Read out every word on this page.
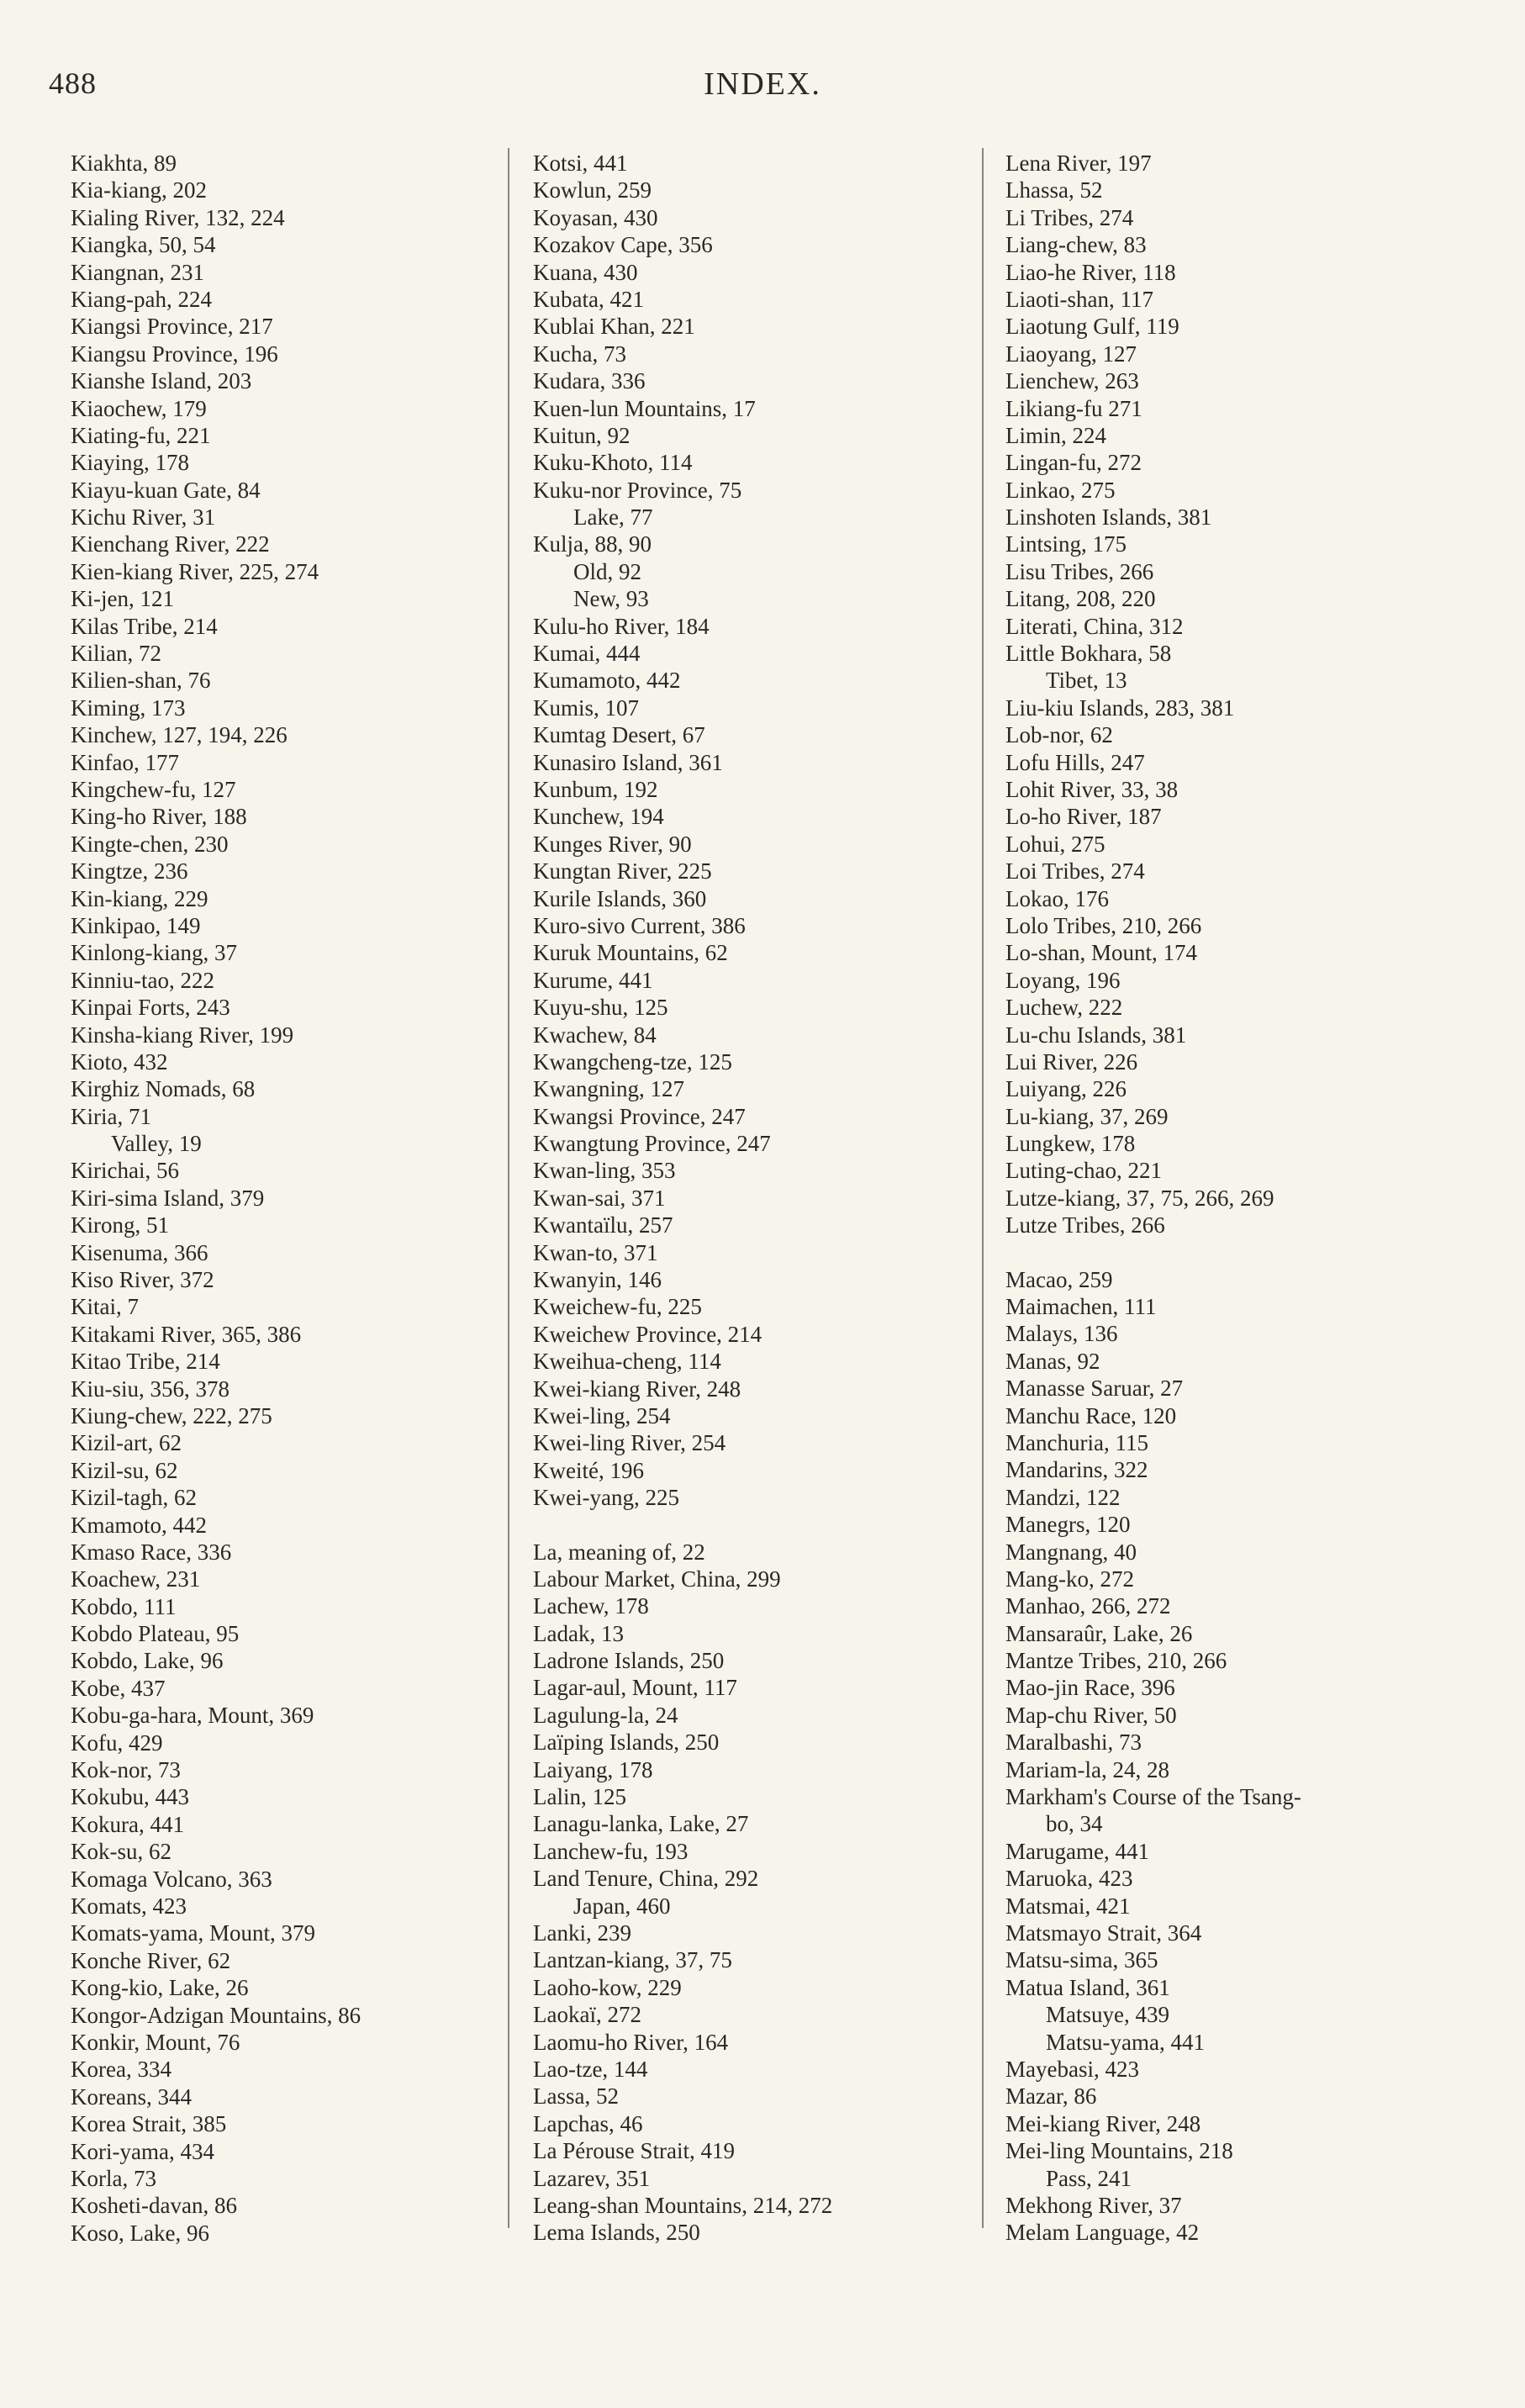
488	INDEX.
Kiakhta, 89
Kia-kiang, 202
Kialing River, 132, 224
Kiangka, 50, 54
Kiangnan, 231
Kiang-pah, 224
Kiangsi Province, 217
Kiangsu Province, 196
Kianshe Island, 203
Kiaochew, 179
Kiating-fu, 221
Kiaying, 178
Kiayu-kuan Gate, 84
Kichu River, 31
Kienchang River, 222
Kien-kiang River, 225, 274
Ki-jen, 121
Kilas Tribe, 214
Kilian, 72
Kilien-shan, 76
Kiming, 173
Kinchew, 127, 194, 226
Kinfao, 177
Kingchew-fu, 127
King-ho River, 188
Kingte-chen, 230
Kingtze, 236
Kin-kiang, 229
Kinkipao, 149
Kinlong-kiang, 37
Kinniu-tao, 222
Kinpai Forts, 243
Kinsha-kiang River, 199
Kioto, 432
Kirghiz Nomads, 68
Kiria, 71
Valley, 19
Kirichai, 56
Kiri-sima Island, 379
Kirong, 51
Kisenuma, 366
Kiso River, 372
Kitai, 7
Kitakami River, 365, 386
Kitao Tribe, 214
Kiu-siu, 356, 378
Kiung-chew, 222, 275
Kizil-art, 62
Kizil-su, 62
Kizil-tagh, 62
Kmamoto, 442
Kmaso Race, 336
Koachew, 231
Kobdo, 111
Kobdo Plateau, 95
Kobdo, Lake, 96
Kobe, 437
Kobu-ga-hara, Mount, 369
Kofu, 429
Kok-nor, 73
Kokubu, 443
Kokura, 441
Kok-su, 62
Komaga Volcano, 363
Komats, 423
Komats-yama, Mount, 379
Konche River, 62
Kong-kio, Lake, 26
Kongor-Adzigan Mountains, 86
Konkir, Mount, 76
Korea, 334
Koreans, 344
Korea Strait, 385
Kori-yama, 434
Korla, 73
Kosheti-davan, 86
Koso, Lake, 96
Kotsi, 441
Kowlun, 259
Koyasan, 430
Kozakov Cape, 356
Kuana, 430
Kubata, 421
Kublai Khan, 221
Kucha, 73
Kudara, 336
Kuen-lun Mountains, 17
Kuitun, 92
Kuku-Khoto, 114
Kuku-nor Province, 75
Lake, 77
Kulja, 88, 90
Old, 92
New, 93
Kulu-ho River, 184
Kumai, 444
Kumamoto, 442
Kumis, 107
Kumtag Desert, 67
Kunasiro Island, 361
Kunbum, 192
Kunchew, 194
Kunges River, 90
Kungtan River, 225
Kurile Islands, 360
Kuro-sivo Current, 386
Kuruk Mountains, 62
Kurume, 441
Kuyu-shu, 125
Kwachew, 84
Kwangcheng-tze, 125
Kwangning, 127
Kwangsi Province, 247
Kwangtung Province, 247
Kwan-ling, 353
Kwan-sai, 371
Kwantaïlu, 257
Kwan-to, 371
Kwanyin, 146
Kweichew-fu, 225
Kweichew Province, 214
Kweihua-cheng, 114
Kwei-kiang River, 248
Kwei-ling, 254
Kwei-ling River, 254
Kweité, 196
Kwei-yang, 225
La, meaning of, 22
Labour Market, China, 299
Lachew, 178
Ladak, 13
Ladrone Islands, 250
Lagar-aul, Mount, 117
Lagulung-la, 24
Laïping Islands, 250
Laiyang, 178
Lalin, 125
Lanagu-lanka, Lake, 27
Lanchew-fu, 193
Land Tenure, China, 292
Japan, 460
Lanki, 239
Lantzan-kiang, 37, 75
Laoho-kow, 229
Laokaï, 272
Laomu-ho River, 164
Lao-tze, 144
Lassa, 52
Lapchas, 46
La Pérouse Strait, 419
Lazarev, 351
Leang-shan Mountains, 214, 272
Lema Islands, 250
Lena River, 197
Lhassa, 52
Li Tribes, 274
Liang-chew, 83
Liao-he River, 118
Liaoti-shan, 117
Liaotung Gulf, 119
Liaoyang, 127
Lienchew, 263
Likiang-fu 271
Limin, 224
Lingan-fu, 272
Linkao, 275
Linshoten Islands, 381
Lintsing, 175
Lisu Tribes, 266
Litang, 208, 220
Literati, China, 312
Little Bokhara, 58
Tibet, 13
Liu-kiu Islands, 283, 381
Lob-nor, 62
Lofu Hills, 247
Lohit River, 33, 38
Lo-ho River, 187
Lohui, 275
Loi Tribes, 274
Lokao, 176
Lolo Tribes, 210, 266
Lo-shan, Mount, 174
Loyang, 196
Luchew, 222
Lu-chu Islands, 381
Lui River, 226
Luiyang, 226
Lu-kiang, 37, 269
Lungkew, 178
Luting-chao, 221
Lutze-kiang, 37, 75, 266, 269
Lutze Tribes, 266
Macao, 259
Maimachen, 111
Malays, 136
Manas, 92
Manasse Saruar, 27
Manchu Race, 120
Manchuria, 115
Mandarins, 322
Mandzi, 122
Manegrs, 120
Mangnang, 40
Mang-ko, 272
Manhao, 266, 272
Mansaraûr, Lake, 26
Mantze Tribes, 210, 266
Mao-jin Race, 396
Map-chu River, 50
Maralbashi, 73
Mariam-la, 24, 28
Markham's Course of the Tsang-
bo, 34
Marugame, 441
Maruoka, 423
Matsmai, 421
Matsmayo Strait, 364
Matsu-sima, 365
Matua Island, 361
Matsuye, 439
Matsu-yama, 441
Mayebasi, 423
Mazar, 86
Mei-kiang River, 248
Mei-ling Mountains, 218
Pass, 241
Mekhong River, 37
Melam Language, 42
